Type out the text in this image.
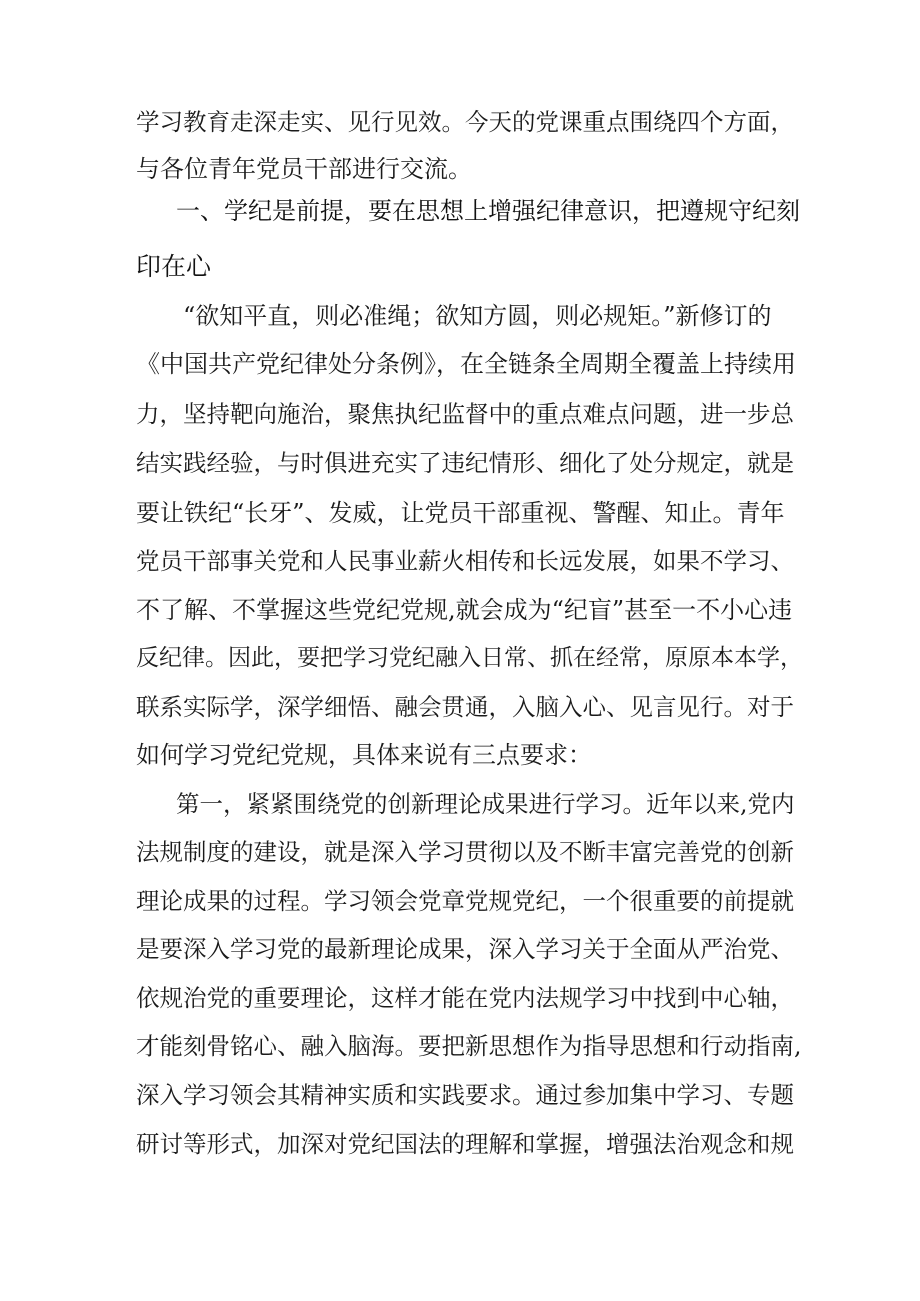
学习教育走深走实、见行见效。今天的党课重点围绕四个方面，
与各位青年党员干部进行交流。
一、学纪是前提，要在思想上增强纪律意识，把遵规守纪刻
印在心
“欲知平直，则必准绳；欲知方圆，则必规矩。”新修订的
《中国共产党纪律处分条例》，在全链条全周期全覆盖上持续用
力，坚持靶向施治，聚焦执纪监督中的重点难点问题，进一步总
结实践经验，与时俱进充实了违纪情形、细化了处分规定，就是
要让铁纪“长牙”、发威，让党员干部重视、警醒、知止。青年
党员干部事关党和人民事业薪火相传和长远发展，如果不学习、
不了解、不掌握这些党纪党规,就会成为“纪盲”甚至一不小心违
反纪律。因此，要把学习党纪融入日常、抓在经常，原原本本学，
联系实际学，深学细悟、融会贯通，入脑入心、见言见行。对于
如何学习党纪党规，具体来说有三点要求：
第一，紧紧围绕党的创新理论成果进行学习。近年以来,党内
法规制度的建设，就是深入学习贯彻以及不断丰富完善党的创新
理论成果的过程。学习领会党章党规党纪，一个很重要的前提就
是要深入学习党的最新理论成果，深入学习关于全面从严治党、
依规治党的重要理论，这样才能在党内法规学习中找到中心轴，
才能刻骨铭心、融入脑海。要把新思想作为指导思想和行动指南,
深入学习领会其精神实质和实践要求。通过参加集中学习、专题
研讨等形式，加深对党纪国法的理解和掌握，增强法治观念和规
